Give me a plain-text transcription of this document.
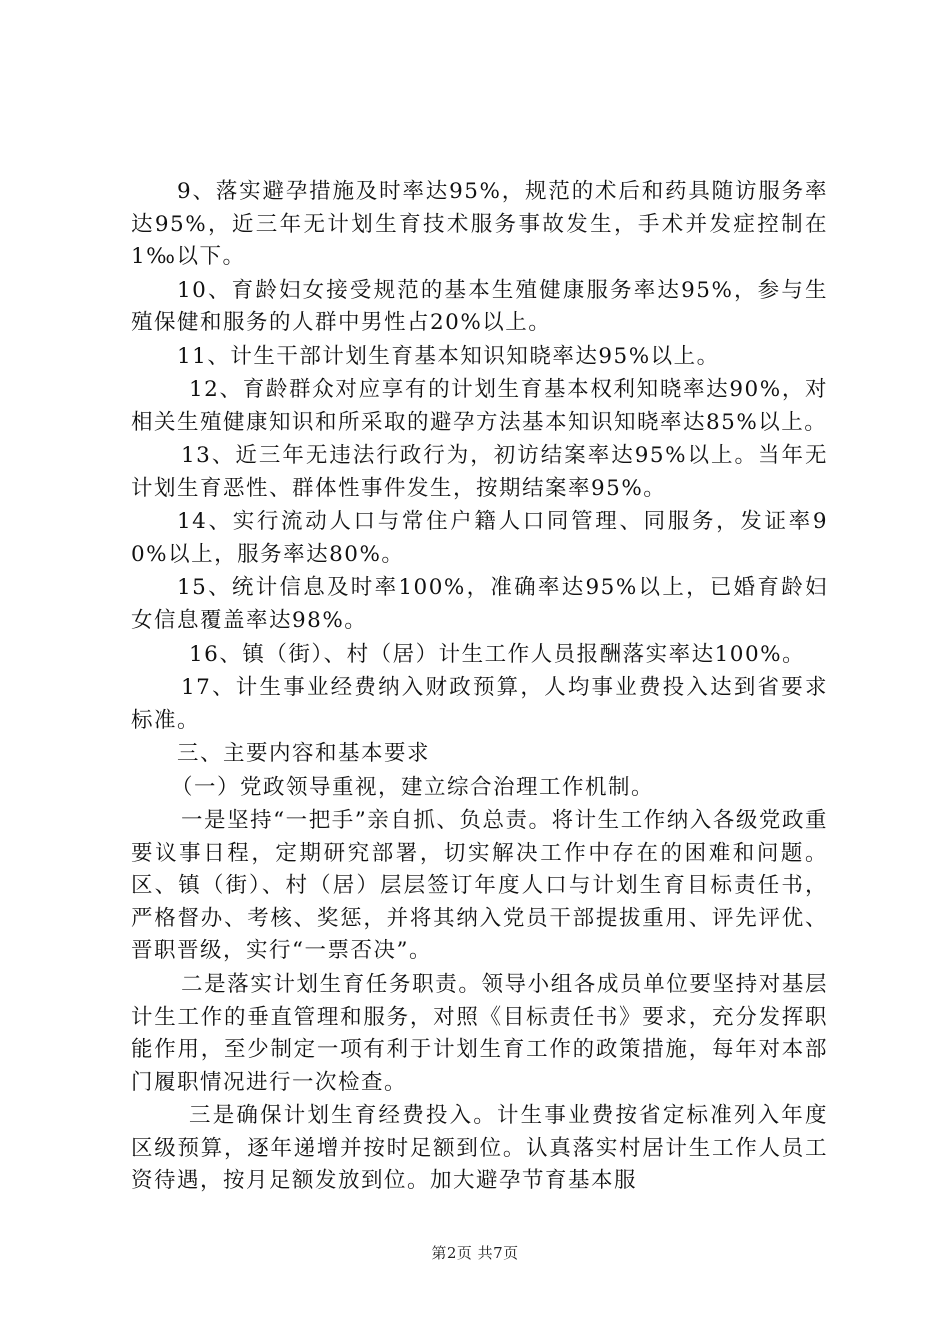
9、落实避孕措施及时率达95%，规范的术后和药具随访服务率达95%，近三年无计划生育技术服务事故发生，手术并发症控制在1‰以下。

10、育龄妇女接受规范的基本生殖健康服务率达95%，参与生殖保健和服务的人群中男性占20%以上。

11、计生干部计划生育基本知识知晓率达95%以上。

12、育龄群众对应享有的计划生育基本权利知晓率达90%，对相关生殖健康知识和所采取的避孕方法基本知识知晓率达85%以上。

13、近三年无违法行政行为，初访结案率达95%以上。当年无计划生育恶性、群体性事件发生，按期结案率95%。

14、实行流动人口与常住户籍人口同管理、同服务，发证率90%以上，服务率达80%。

15、统计信息及时率100%，准确率达95%以上，已婚育龄妇女信息覆盖率达98%。

16、镇（街）、村（居）计生工作人员报酬落实率达100%。

17、计生事业经费纳入财政预算，人均事业费投入达到省要求标准。

三、主要内容和基本要求

（一）党政领导重视，建立综合治理工作机制。

一是坚持“一把手”亲自抓、负总责。将计生工作纳入各级党政重要议事日程，定期研究部署，切实解决工作中存在的困难和问题。区、镇（街）、村（居）层层签订年度人口与计划生育目标责任书，严格督办、考核、奖惩，并将其纳入党员干部提拔重用、评先评优、晋职晋级，实行“一票否决”。

二是落实计划生育任务职责。领导小组各成员单位要坚持对基层计生工作的垂直管理和服务，对照《目标责任书》要求，充分发挥职能作用，至少制定一项有利于计划生育工作的政策措施，每年对本部门履职情况进行一次检查。

三是确保计划生育经费投入。计生事业费按省定标准列入年度区级预算，逐年递增并按时足额到位。认真落实村居计生工作人员工资待遇，按月足额发放到位。加大避孕节育基本服

第2页 共7页
